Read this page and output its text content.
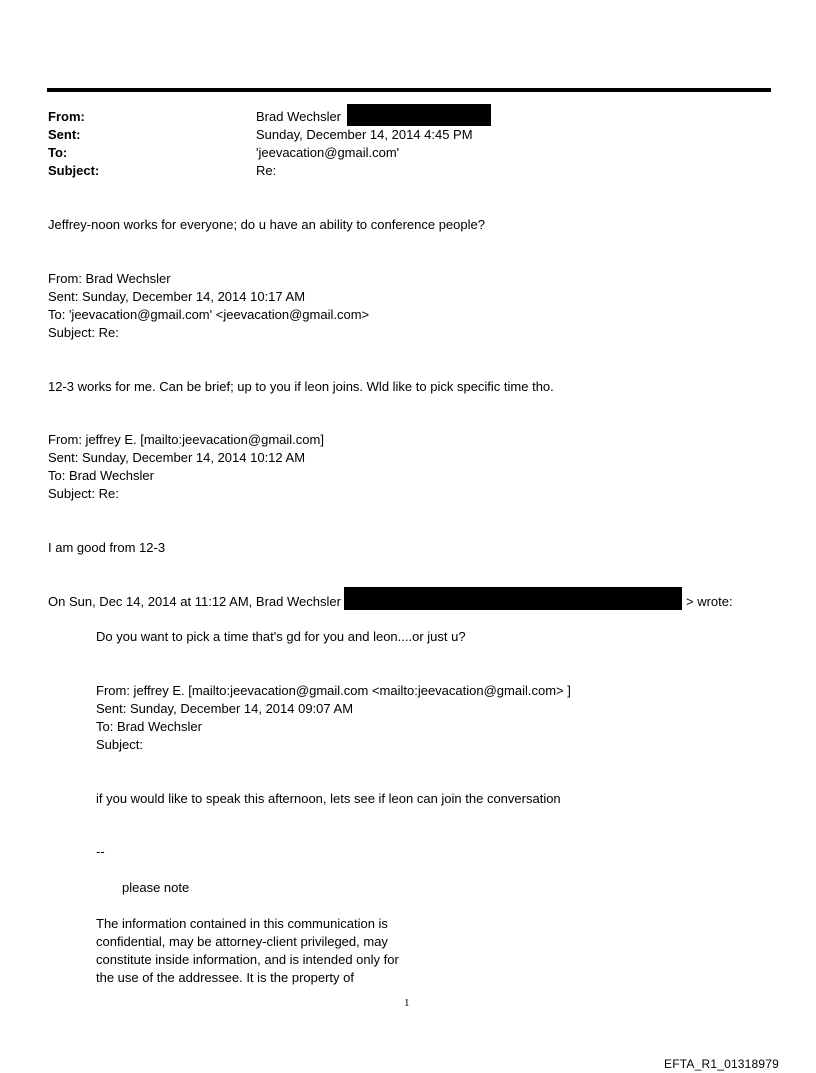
From:
Sent:
To:
Subject:
Brad Wechsler
Sunday, December 14, 2014 4:45 PM
'jeevacation@gmail.com'
Re:
Jeffrey-noon works for everyone; do u have an ability to conference people?
From: Brad Wechsler
Sent: Sunday, December 14, 2014 10:17 AM
To: 'jeevacation@gmail.com' <jeevacation@gmail.com>
Subject: Re:
12-3 works for me. Can be brief; up to you if leon joins. Wld like to pick specific time tho.
From: jeffrey E. [mailto:jeevacation@gmail.com]
Sent: Sunday, December 14, 2014 10:12 AM
To: Brad Wechsler
Subject: Re:
I am good from 12-3
On Sun, Dec 14, 2014 at 11:12 AM, Brad Wechsler	> wrote:
Do you want to pick a time that's gd for you and leon....or just u?
From: jeffrey E. [mailto:jeevacation@gmail.com <mailto:jeevacation@gmail.com> ]
Sent: Sunday, December 14, 2014 09:07 AM
To: Brad Wechsler
Subject:
if you would like to speak this afternoon, lets see if leon can join the conversation
--
please note
The information contained in this communication is
confidential, may be attorney-client privileged, may
constitute inside information, and is intended only for
the use of the addressee. It is the property of
1
EFTA_R1_01318979
